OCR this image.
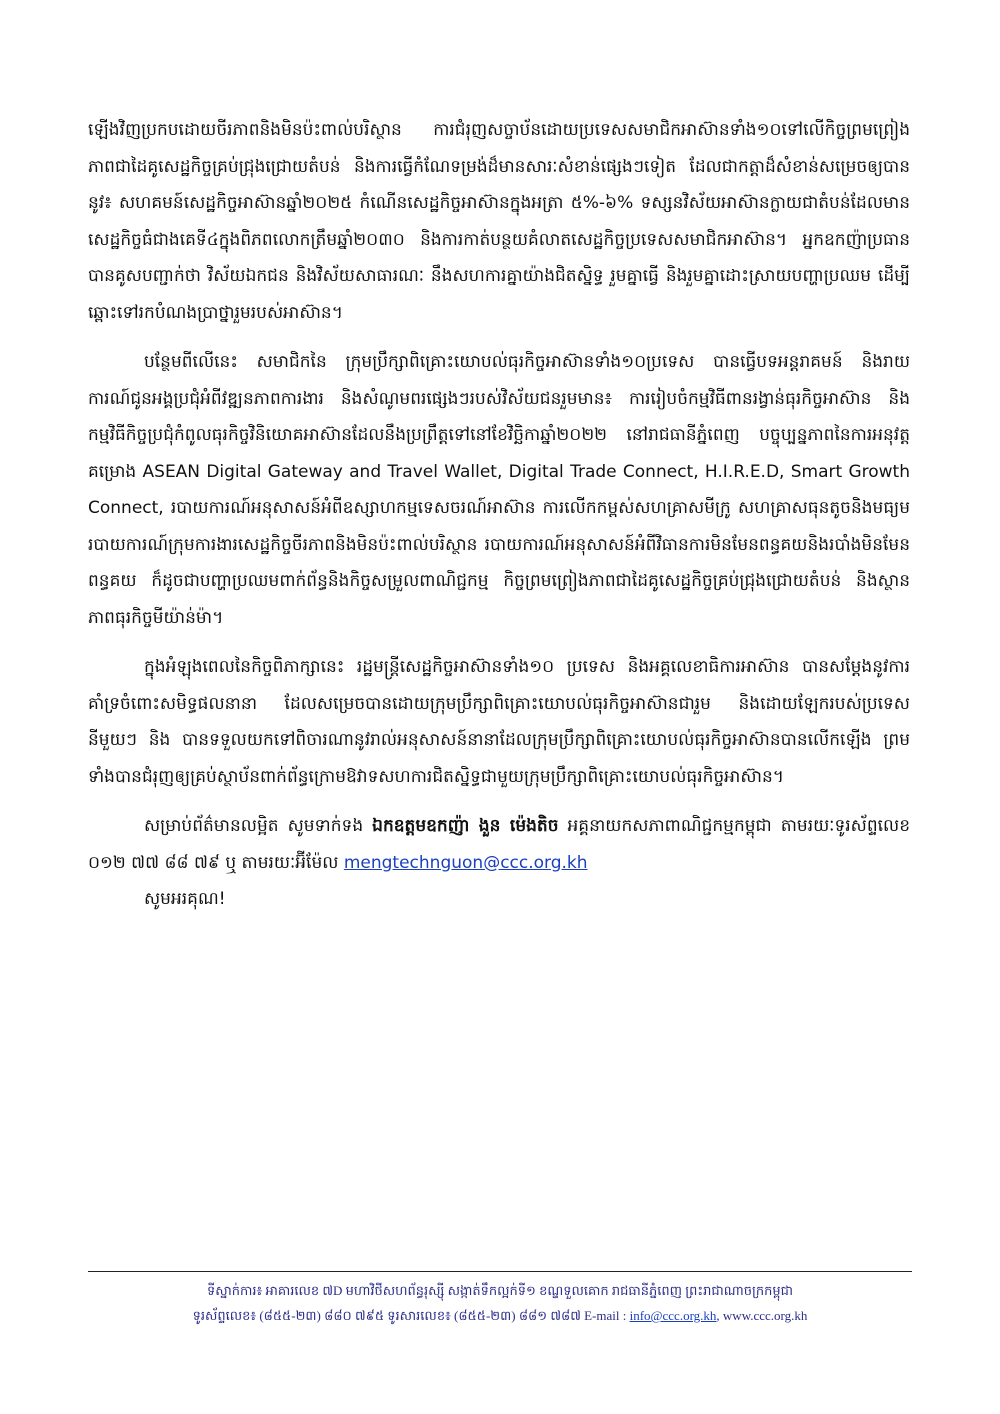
ឡើងវិញប្រកបដោយចីរភាពនិងមិនប៉ះពាល់បរិស្ថាន ការជំរុញសច្ចាប័នដោយប្រទេសសមាជិកអាស៊ានទាំង១០ទៅលើកិច្ចព្រមព្រៀងភាពជាដៃគូសេដ្ឋកិច្ចគ្រប់ជ្រុងជ្រោយតំបន់ និងការធ្វើកំណែទម្រង់ដ៏មានសារៈសំខាន់ផ្សេងៗទៀត ដែលជាកត្តាដ៏សំខាន់សម្រេចឲ្យបាននូវ៖ សហគមន៍សេដ្ឋកិច្ចអាស៊ានឆ្នាំ២០២៥ កំណើនសេដ្ឋកិច្ចអាស៊ានក្នុងអត្រា ៥%-៦% ទស្សនវិស័យអាស៊ានក្លាយជាតំបន់ដែលមានសេដ្ឋកិច្ចធំជាងគេទី៤ក្នុងពិភពលោកត្រឹមឆ្នាំ២០៣០ និងការកាត់បន្ថយគំលាតសេដ្ឋកិច្ចប្រទេសសមាជិកអាស៊ាន។ អ្នកឧកញ៉ាប្រធាន បានគូសបញ្ជាក់ថា វិស័យឯកជន និងវិស័យសាធារណៈ នឹងសហការគ្នាយ៉ាងជិតស្និទ្ធ រួមគ្នាធ្វើ និងរួមគ្នាដោះស្រាយបញ្ហាប្រឈម ដើម្បីឆ្ពោះទៅរកបំណងប្រាថ្នារួមរបស់អាស៊ាន។

បន្ថែមពីលើនេះ សមាជិកនៃ ក្រុមប្រឹក្សាពិគ្រោះយោបល់ធុរកិច្ចអាស៊ានទាំង១០ប្រទេស បានធ្វើបទអន្តរាគមន៍ និងរាយការណ៍ជូនអង្គប្រជុំអំពីវឌ្ឍនភាពការងារ និងសំណូមពរផ្សេងៗរបស់វិស័យជនរួមមាន៖ ការរៀបចំកម្មវិធីពានរង្វាន់ធុរកិច្ចអាស៊ាន និង កម្មវិធីកិច្ចប្រជុំកំពូលធុរកិច្ចវិនិយោគអាស៊ានដែលនឹងប្រព្រឹត្តទៅនៅខែវិច្ឆិកាឆ្នាំ២០២២ នៅរាជធានីភ្នំពេញ បច្ចុប្បន្នភាពនៃការអនុវត្តគម្រោង ASEAN Digital Gateway and Travel Wallet, Digital Trade Connect, H.I.R.E.D, Smart Growth Connect, របាយការណ៍អនុសាសន៍អំពីឧស្សាហកម្មទេសចរណ៍អាស៊ាន ការលើកកម្ពស់សហគ្រាសមីក្រូ សហគ្រាសធុនតូចនិងមធ្យម របាយការណ៍ក្រុមការងារសេដ្ឋកិច្ចចីរភាពនិងមិនប៉ះពាល់បរិស្ថាន របាយការណ៍អនុសាសន៍អំពីវិធានការមិនមែនពន្ធគយនិងរបាំងមិនមែនពន្ធគយ ក៏ដូចជាបញ្ហាប្រឈមពាក់ព័ន្ធនិងកិច្ចសម្រួលពាណិជ្ជកម្ម កិច្ចព្រមព្រៀងភាពជាដៃគូសេដ្ឋកិច្ចគ្រប់ជ្រុងជ្រោយតំបន់ និងស្ថានភាពធុរកិច្ចមីយ៉ាន់ម៉ា។

ក្នុងអំឡុងពេលនៃកិច្ចពិភាក្សានេះ រដ្ឋមន្ត្រីសេដ្ឋកិច្ចអាស៊ានទាំង១០ ប្រទេស និងអគ្គលេខាធិការអាស៊ាន បានសម្តែងនូវការគាំទ្រចំពោះសមិទ្ធផលនានា ដែលសម្រេចបានដោយក្រុមប្រឹក្សាពិគ្រោះយោបល់ធុរកិច្ចអាស៊ានជារួម និងដោយឡែករបស់ប្រទេសនីមួយៗ និង បានទទួលយកទៅពិចារណានូវរាល់អនុសាសន៍នានាដែលក្រុមប្រឹក្សាពិគ្រោះយោបល់ធុរកិច្ចអាស៊ានបានលើកឡើង ព្រមទាំងបានជំរុញឲ្យគ្រប់ស្ថាប័នពាក់ព័ន្ធក្រោមឱវាទសហការជិតស្និទ្ធជាមួយក្រុមប្រឹក្សាពិគ្រោះយោបល់ធុរកិច្ចអាស៊ាន។

សម្រាប់ព័ត៌មានលម្អិត សូមទាក់ទង ឯកឧត្តមឧកញ៉ា ងួន ម៉េងតិច អគ្គនាយកសភាពាណិជ្ជកម្មកម្ពុជា តាមរយៈទូរស័ព្ទលេខ ០១២ ៧៧ ៨៨ ៧៩ ឬ តាមរយៈអ៊ីម៉ែល mengtechnguon@ccc.org.kh

សូមអរគុណ!

ទីស្នាក់ការ៖ អាគារលេខ ៧D មហាវិថីសហព័ន្ធរុស្ស៊ី សង្កាត់ទឹកល្អក់ទី១ ខណ្ឌទួលគោក រាជធានីភ្នំពេញ ព្រះរាជាណាចក្រកម្ពុជា
ទូរស័ព្ទលេខ៖ (៨៥៥-២៣) ៨៨០ ៧៩៥ ទូរសារលេខ៖ (៨៥៥-២៣) ៨៨១ ៧៨៧ E-mail : info@ccc.org.kh, www.ccc.org.kh
